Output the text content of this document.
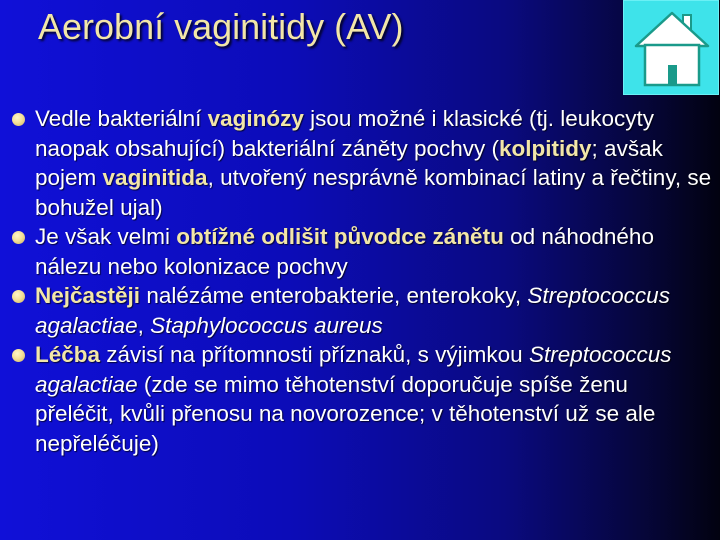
Aerobní vaginitidy (AV)
Vedle bakteriální vaginózy jsou možné i klasické (tj. leukocyty naopak obsahující) bakteriální záněty pochvy (kolpitidy; avšak pojem vaginitida, utvořený nesprávně kombinací latiny a řečtiny, se bohužel ujal)
Je však velmi obtížné odlišit původce zánětu od náhodného nálezu nebo kolonizace pochvy
Nejčastěji nalézáme enterobakterie, enterokoky, Streptococcus agalactiae, Staphylococcus aureus
Léčba závisí na přítomnosti příznaků, s výjimkou Streptococcus agalactiae (zde se mimo těhotenství doporučuje spíše ženu přeléčit, kvůli přenosu na novorozence; v těhotenství už se ale nepřeléčuje)
